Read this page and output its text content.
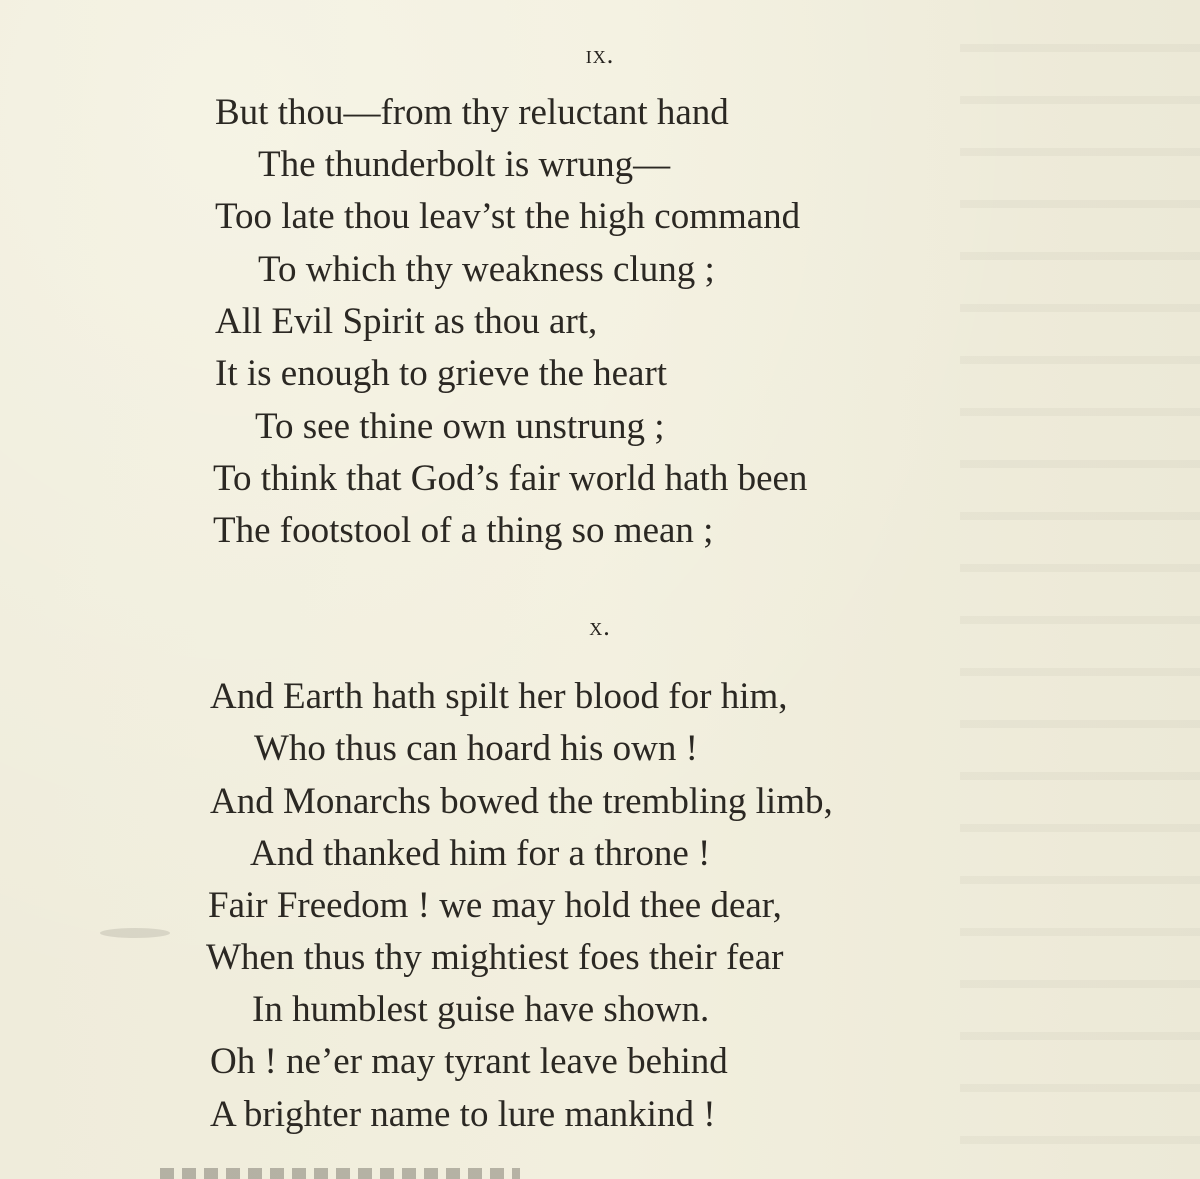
ix.
But thou—from thy reluctant hand
The thunderbolt is wrung—
Too late thou leav’st the high command
To which thy weakness clung ;
All Evil Spirit as thou art,
It is enough to grieve the heart
To see thine own unstrung ;
To think that God’s fair world hath been
The footstool of a thing so mean ;
x.
And Earth hath spilt her blood for him,
Who thus can hoard his own !
And Monarchs bowed the trembling limb,
And thanked him for a throne !
Fair Freedom ! we may hold thee dear,
When thus thy mightiest foes their fear
In humblest guise have shown.
Oh ! ne’er may tyrant leave behind
A brighter name to lure mankind !
